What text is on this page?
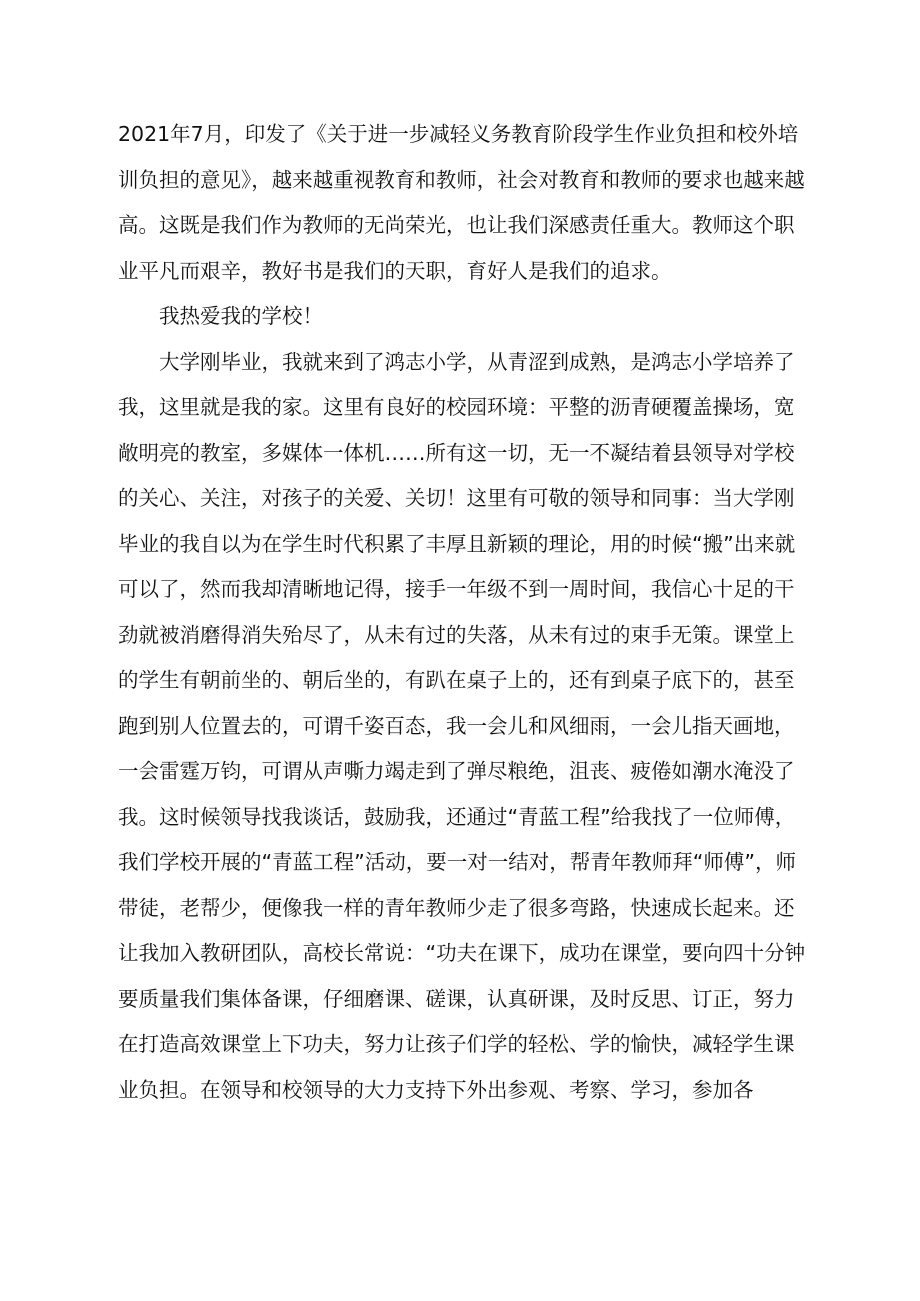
2021年7月，印发了《关于进一步减轻义务教育阶段学生作业负担和校外培训负担的意见》，越来越重视教育和教师，社会对教育和教师的要求也越来越高。这既是我们作为教师的无尚荣光，也让我们深感责任重大。教师这个职业平凡而艰辛，教好书是我们的天职，育好人是我们的追求。

我热爱我的学校！

大学刚毕业，我就来到了鸿志小学，从青涩到成熟，是鸿志小学培养了我，这里就是我的家。这里有良好的校园环境：平整的沥青硬覆盖操场，宽敞明亮的教室，多媒体一体机……所有这一切，无一不凝结着县领导对学校的关心、关注，对孩子的关爱、关切！这里有可敬的领导和同事：当大学刚毕业的我自以为在学生时代积累了丰厚且新颖的理论，用的时候“搬”出来就可以了，然而我却清晰地记得，接手一年级不到一周时间，我信心十足的干劲就被消磨得消失殆尽了，从未有过的失落，从未有过的束手无策。课堂上的学生有朝前坐的、朝后坐的，有趴在桌子上的，还有到桌子底下的，甚至跑到别人位置去的，可谓千姿百态，我一会儿和风细雨，一会儿指天画地，一会雷霆万钧，可谓从声嘶力竭走到了弹尽粮绝，沮丧、疲倦如潮水淹没了我。这时候领导找我谈话，鼓励我，还通过“青蓝工程”给我找了一位师傅，我们学校开展的“青蓝工程”活动，要一对一结对，帮青年教师拜“师傅”，师带徒，老帮少，便像我一样的青年教师少走了很多弯路，快速成长起来。还让我加入教研团队，高校长常说：“功夫在课下，成功在课堂，要向四十分钟要质量我们集体备课，仔细磨课、磋课，认真研课，及时反思、订正，努力在打造高效课堂上下功夫，努力让孩子们学的轻松、学的愉快，减轻学生课业负担。在领导和校领导的大力支持下外出参观、考察、学习，参加各
